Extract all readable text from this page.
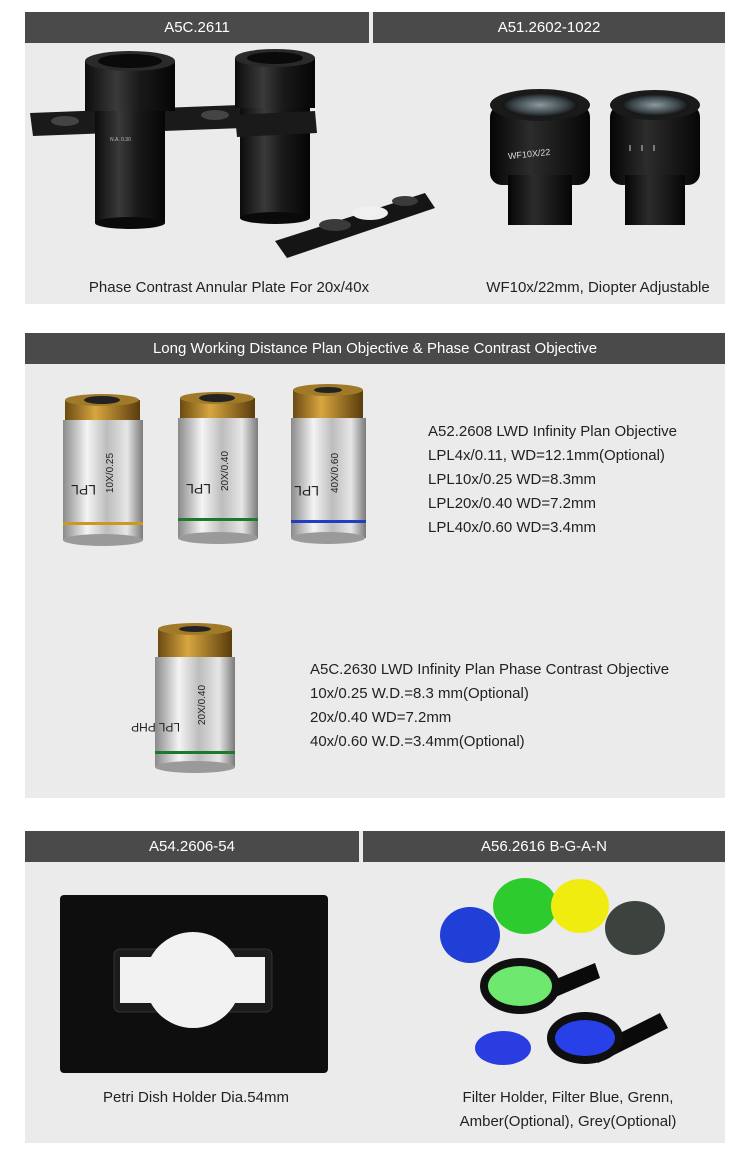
A5C.2611	A51.2602-1022
N.A. 0.30
WF10X/22
Phase Contrast Annular Plate For 20x/40x	WF10x/22mm, Diopter Adjustable
Long Working Distance Plan Objective & Phase Contrast Objective
LPL 10X/0.25	LPL 20X/0.40	LPL 40X/0.60
A52.2608 LWD Infinity Plan Objective
LPL4x/0.11, WD=12.1mm(Optional)
LPL10x/0.25 WD=8.3mm
LPL20x/0.40 WD=7.2mm
LPL40x/0.60 WD=3.4mm
LPL PHP
20X/0.40
A5C.2630 LWD Infinity Plan Phase Contrast Objective
10x/0.25 W.D.=8.3 mm(Optional)
20x/0.40 WD=7.2mm
40x/0.60 W.D.=3.4mm(Optional)
A54.2606-54	A56.2616 B-G-A-N
Petri Dish Holder Dia.54mm	Filter Holder, Filter Blue, Grenn,
Amber(Optional), Grey(Optional)
